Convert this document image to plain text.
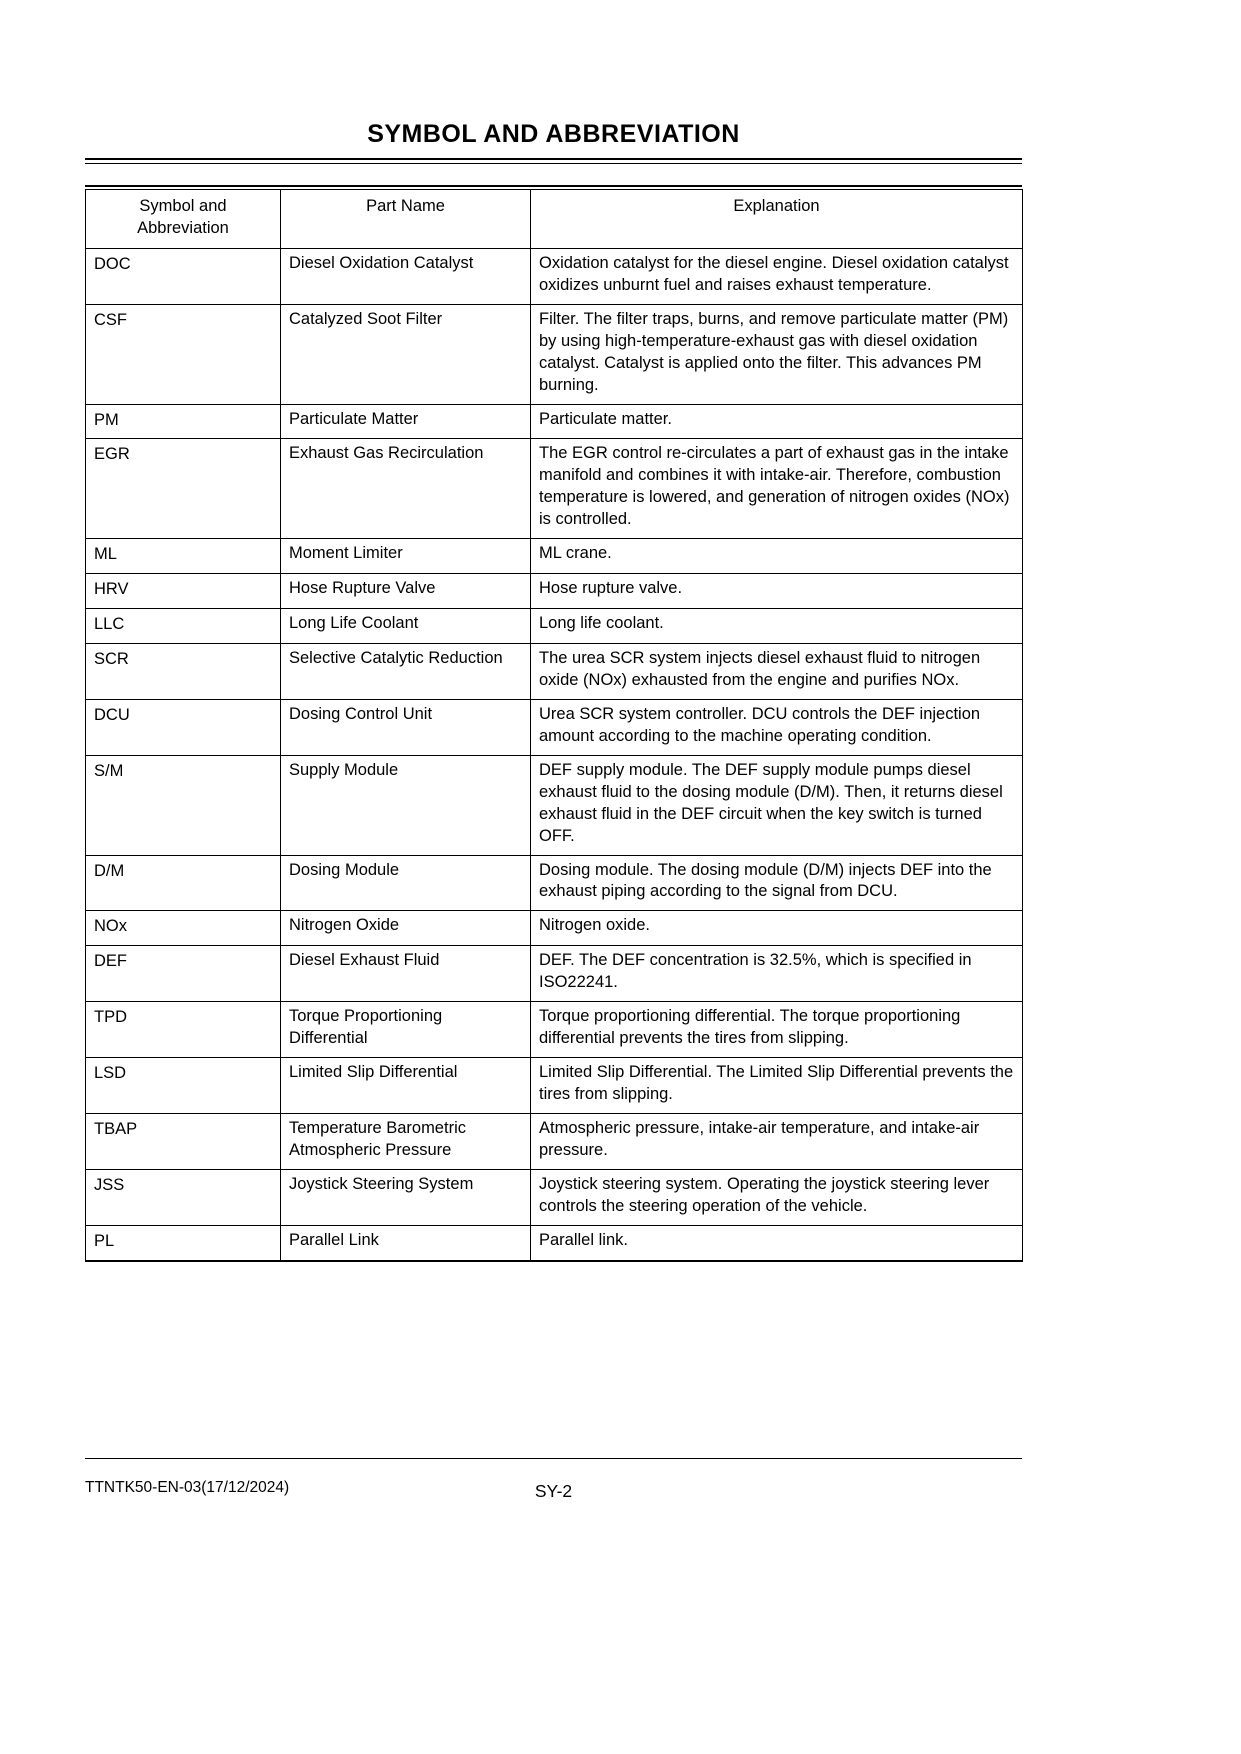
SYMBOL AND ABBREVIATION
Symbol and Abbreviation	Part Name	Explanation
DOC	Diesel Oxidation Catalyst	Oxidation catalyst for the diesel engine. Diesel oxidation catalyst oxidizes unburnt fuel and raises exhaust temperature.
CSF	Catalyzed Soot Filter	Filter. The filter traps, burns, and remove particulate matter (PM) by using high-temperature-exhaust gas with diesel oxidation catalyst. Catalyst is applied onto the filter. This advances PM burning.
PM	Particulate Matter	Particulate matter.
EGR	Exhaust Gas Recirculation	The EGR control re-circulates a part of exhaust gas in the intake manifold and combines it with intake-air. Therefore, combustion temperature is lowered, and generation of nitrogen oxides (NOx) is controlled.
ML	Moment Limiter	ML crane.
HRV	Hose Rupture Valve	Hose rupture valve.
LLC	Long Life Coolant	Long life coolant.
SCR	Selective Catalytic Reduction	The urea SCR system injects diesel exhaust fluid to nitrogen oxide (NOx) exhausted from the engine and purifies NOx.
DCU	Dosing Control Unit	Urea SCR system controller. DCU controls the DEF injection amount according to the machine operating condition.
S/M	Supply Module	DEF supply module. The DEF supply module pumps diesel exhaust fluid to the dosing module (D/M). Then, it returns diesel exhaust fluid in the DEF circuit when the key switch is turned OFF.
D/M	Dosing Module	Dosing module. The dosing module (D/M) injects DEF into the exhaust piping according to the signal from DCU.
NOx	Nitrogen Oxide	Nitrogen oxide.
DEF	Diesel Exhaust Fluid	DEF. The DEF concentration is 32.5%, which is specified in ISO22241.
TPD	Torque Proportioning Differential	Torque proportioning differential. The torque proportioning differential prevents the tires from slipping.
LSD	Limited Slip Differential	Limited Slip Differential. The Limited Slip Differential prevents the tires from slipping.
TBAP	Temperature Barometric Atmospheric Pressure	Atmospheric pressure, intake-air temperature, and intake-air pressure.
JSS	Joystick Steering System	Joystick steering system. Operating the joystick steering lever controls the steering operation of the vehicle.
PL	Parallel Link	Parallel link.
TTNTK50-EN-03(17/12/2024)	SY-2
